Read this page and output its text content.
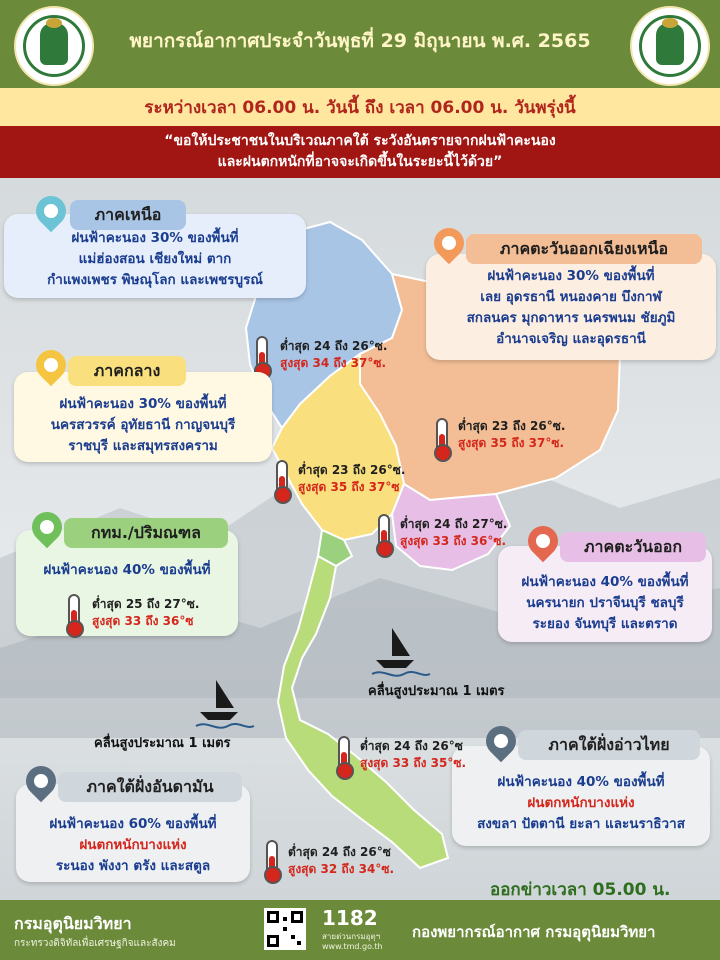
พยากรณ์อากาศประจำวันพุธที่ 29 มิถุนายน พ.ศ. 2565
ระหว่างเวลา 06.00 น. วันนี้ ถึง เวลา 06.00 น. วันพรุ่งนี้
“ขอให้ประชาชนในบริเวณภาคใต้ ระวังอันตรายจากฝนฟ้าคะนอง
และฝนตกหนักที่อาจจะเกิดขึ้นในระยะนี้ไว้ด้วย”
ฝนฟ้าคะนอง 30% ของพื้นที่
แม่ฮ่องสอน เชียงใหม่ ตาก
กำแพงเพชร พิษณุโลก และเพชรบูรณ์
ภาคเหนือ
ต่ำสุด 24 ถึง 26°ซ.
สูงสุด 34 ถึง 37°ซ.
ฝนฟ้าคะนอง 30% ของพื้นที่
เลย อุดรธานี หนองคาย บึงกาฬ
สกลนคร มุกดาหาร นครพนม ชัยภูมิ
อำนาจเจริญ และอุดรธานี
ภาคตะวันออกเฉียงเหนือ
ต่ำสุด 23 ถึง 26°ซ.
สูงสุด 35 ถึง 37°ซ.
ฝนฟ้าคะนอง 30% ของพื้นที่
นครสวรรค์ อุทัยธานี กาญจนบุรี
ราชบุรี และสมุทรสงคราม
ภาคกลาง
ต่ำสุด 23 ถึง 26°ซ.
สูงสุด 35 ถึง 37°ซ
ฝนฟ้าคะนอง 40% ของพื้นที่
กทม./ปริมณฑล
ต่ำสุด 25 ถึง 27°ซ.
สูงสุด 33 ถึง 36°ซ
ฝนฟ้าคะนอง 40% ของพื้นที่
นครนายก ปราจีนบุรี ชลบุรี
ระยอง จันทบุรี และตราด
ภาคตะวันออก
ต่ำสุด 24 ถึง 27°ซ.
สูงสุด 33 ถึง 36°ซ.
คลื่นสูงประมาณ 1 เมตร
คลื่นสูงประมาณ 1 เมตร
ฝนฟ้าคะนอง 40% ของพื้นที่
ฝนตกหนักบางแห่ง
สงขลา ปัตตานี ยะลา และนราธิวาส
ภาคใต้ฝั่งอ่าวไทย
ต่ำสุด 24 ถึง 26°ซ
สูงสุด 33 ถึง 35°ซ.
ฝนฟ้าคะนอง 60% ของพื้นที่
ฝนตกหนักบางแห่ง
ระนอง พังงา ตรัง และสตูล
ภาคใต้ฝั่งอันดามัน
ต่ำสุด 24 ถึง 26°ซ
สูงสุด 32 ถึง 34°ซ.
ออกข่าวเวลา 05.00 น.
กรมอุตุนิยมวิทยา
กระทรวงดิจิทัลเพื่อเศรษฐกิจและสังคม
1182
สายด่วนกรมอุตุฯ
www.tmd.go.th
กองพยากรณ์อากาศ กรมอุตุนิยมวิทยา
